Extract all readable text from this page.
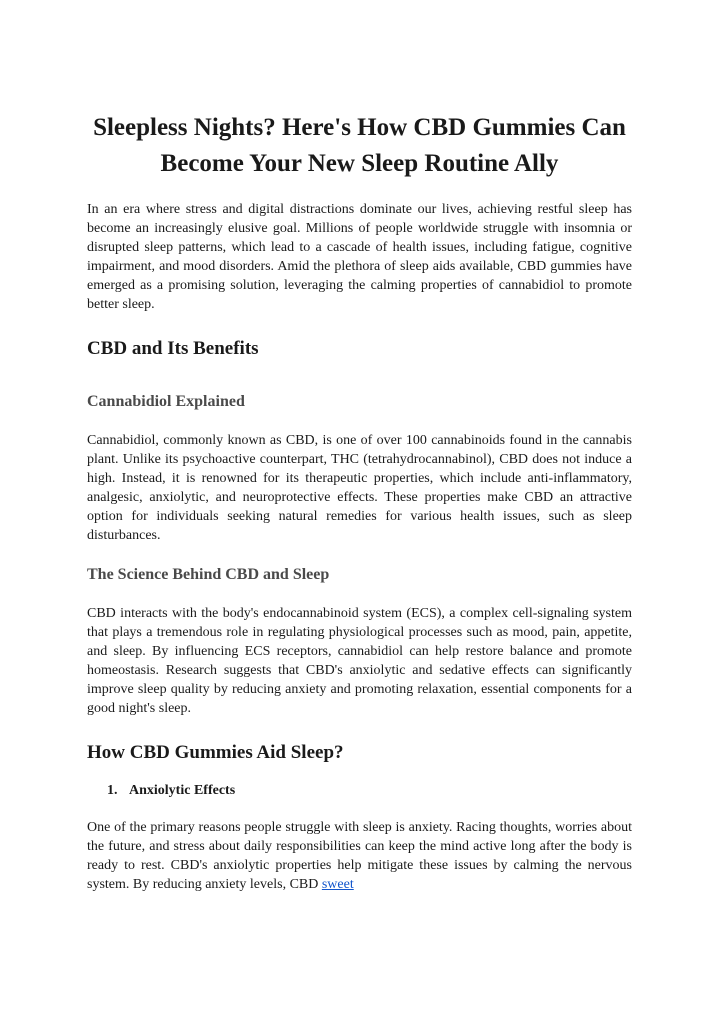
Sleepless Nights? Here's How CBD Gummies Can Become Your New Sleep Routine Ally

In an era where stress and digital distractions dominate our lives, achieving restful sleep has become an increasingly elusive goal. Millions of people worldwide struggle with insomnia or disrupted sleep patterns, which lead to a cascade of health issues, including fatigue, cognitive impairment, and mood disorders. Amid the plethora of sleep aids available, CBD gummies have emerged as a promising solution, leveraging the calming properties of cannabidiol to promote better sleep.

CBD and Its Benefits
Cannabidiol Explained

Cannabidiol, commonly known as CBD, is one of over 100 cannabinoids found in the cannabis plant. Unlike its psychoactive counterpart, THC (tetrahydrocannabinol), CBD does not induce a high. Instead, it is renowned for its therapeutic properties, which include anti-inflammatory, analgesic, anxiolytic, and neuroprotective effects. These properties make CBD an attractive option for individuals seeking natural remedies for various health issues, such as sleep disturbances.

The Science Behind CBD and Sleep

CBD interacts with the body's endocannabinoid system (ECS), a complex cell-signaling system that plays a tremendous role in regulating physiological processes such as mood, pain, appetite, and sleep. By influencing ECS receptors, cannabidiol can help restore balance and promote homeostasis. Research suggests that CBD's anxiolytic and sedative effects can significantly improve sleep quality by reducing anxiety and promoting relaxation, essential components for a good night's sleep.

How CBD Gummies Aid Sleep?
1. Anxiolytic Effects

One of the primary reasons people struggle with sleep is anxiety. Racing thoughts, worries about the future, and stress about daily responsibilities can keep the mind active long after the body is ready to rest. CBD's anxiolytic properties help mitigate these issues by calming the nervous system. By reducing anxiety levels, CBD sweet
